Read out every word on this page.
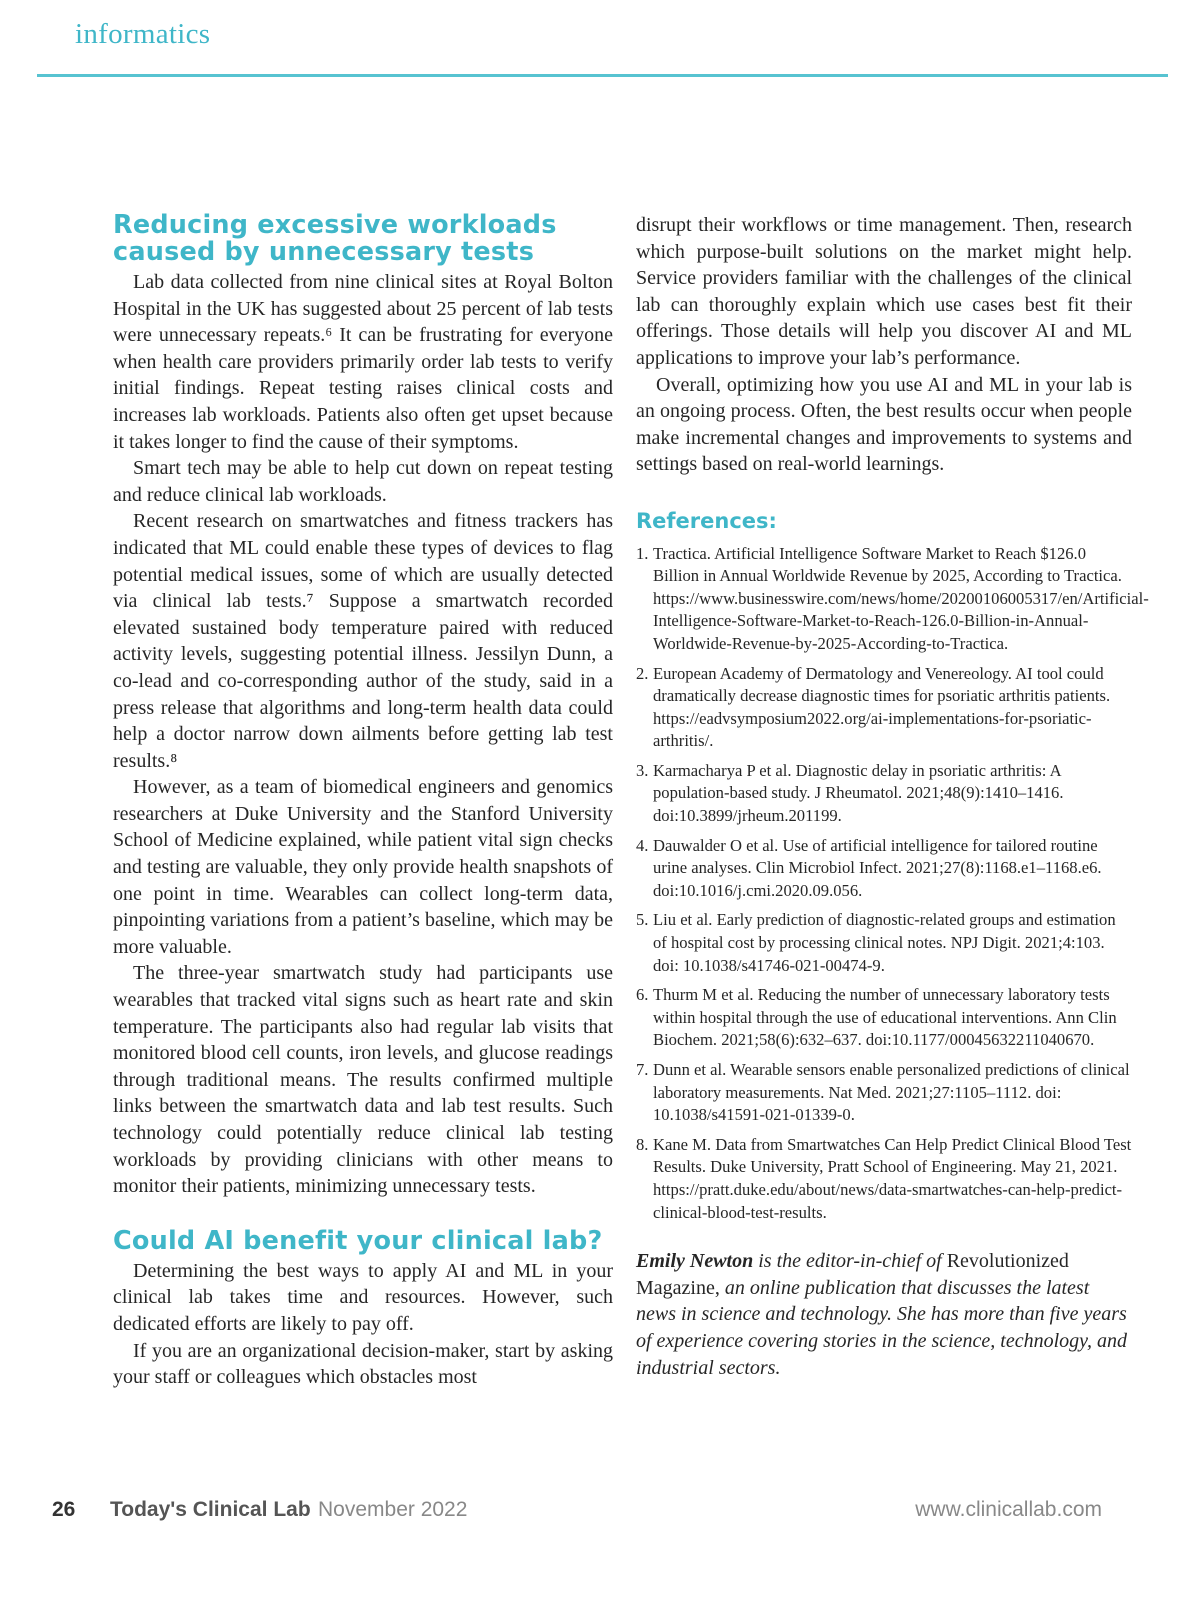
informatics
Reducing excessive workloads caused by unnecessary tests

Lab data collected from nine clinical sites at Royal Bolton Hospital in the UK has suggested about 25 percent of lab tests were unnecessary repeats.⁶ It can be frustrating for everyone when health care providers primarily order lab tests to verify initial findings. Repeat testing raises clinical costs and increases lab workloads. Patients also often get upset because it takes longer to find the cause of their symptoms.

Smart tech may be able to help cut down on repeat testing and reduce clinical lab workloads.

Recent research on smartwatches and fitness trackers has indicated that ML could enable these types of devices to flag potential medical issues, some of which are usually detected via clinical lab tests.⁷ Suppose a smartwatch recorded elevated sustained body temperature paired with reduced activity levels, suggesting potential illness. Jessilyn Dunn, a co-lead and co-corresponding author of the study, said in a press release that algorithms and long-term health data could help a doctor narrow down ailments before getting lab test results.⁸

However, as a team of biomedical engineers and genomics researchers at Duke University and the Stanford University School of Medicine explained, while patient vital sign checks and testing are valuable, they only provide health snapshots of one point in time. Wearables can collect long-term data, pinpointing variations from a patient’s baseline, which may be more valuable.

The three-year smartwatch study had participants use wearables that tracked vital signs such as heart rate and skin temperature. The participants also had regular lab visits that monitored blood cell counts, iron levels, and glucose readings through traditional means. The results confirmed multiple links between the smartwatch data and lab test results. Such technology could potentially reduce clinical lab testing workloads by providing clinicians with other means to monitor their patients, minimizing unnecessary tests.

Could AI benefit your clinical lab?

Determining the best ways to apply AI and ML in your clinical lab takes time and resources. However, such dedicated efforts are likely to pay off.

If you are an organizational decision-maker, start by asking your staff or colleagues which obstacles most

disrupt their workflows or time management. Then, research which purpose-built solutions on the market might help. Service providers familiar with the challenges of the clinical lab can thoroughly explain which use cases best fit their offerings. Those details will help you discover AI and ML applications to improve your lab’s performance.

Overall, optimizing how you use AI and ML in your lab is an ongoing process. Often, the best results occur when people make incremental changes and improvements to systems and settings based on real-world learnings.

References:
1. Tractica. Artificial Intelligence Software Market to Reach $126.0 Billion in Annual Worldwide Revenue by 2025, According to Tractica. https://www.businesswire.com/news/home/20200106005317/en/Artificial-Intelligence-Software-Market-to-Reach-126.0-Billion-in-Annual-Worldwide-Revenue-by-2025-According-to-Tractica.
2. European Academy of Dermatology and Venereology. AI tool could dramatically decrease diagnostic times for psoriatic arthritis patients. https://eadvsymposium2022.org/ai-implementations-for-psoriatic-arthritis/.
3. Karmacharya P et al. Diagnostic delay in psoriatic arthritis: A population-based study. J Rheumatol. 2021;48(9):1410–1416. doi:10.3899/jrheum.201199.
4. Dauwalder O et al. Use of artificial intelligence for tailored routine urine analyses. Clin Microbiol Infect. 2021;27(8):1168.e1–1168.e6. doi:10.1016/j.cmi.2020.09.056.
5. Liu et al. Early prediction of diagnostic-related groups and estimation of hospital cost by processing clinical notes. NPJ Digit. 2021;4:103. doi: 10.1038/s41746-021-00474-9.
6. Thurm M et al. Reducing the number of unnecessary laboratory tests within hospital through the use of educational interventions. Ann Clin Biochem. 2021;58(6):632–637. doi:10.1177/00045632211040670.
7. Dunn et al. Wearable sensors enable personalized predictions of clinical laboratory measurements. Nat Med. 2021;27:1105–1112. doi: 10.1038/s41591-021-01339-0.
8. Kane M. Data from Smartwatches Can Help Predict Clinical Blood Test Results. Duke University, Pratt School of Engineering. May 21, 2021. https://pratt.duke.edu/about/news/data-smartwatches-can-help-predict-clinical-blood-test-results.

Emily Newton is the editor-in-chief of Revolutionized Magazine, an online publication that discusses the latest news in science and technology. She has more than five years of experience covering stories in the science, technology, and industrial sectors.

26 Today's Clinical Lab November 2022	www.clinicallab.com
